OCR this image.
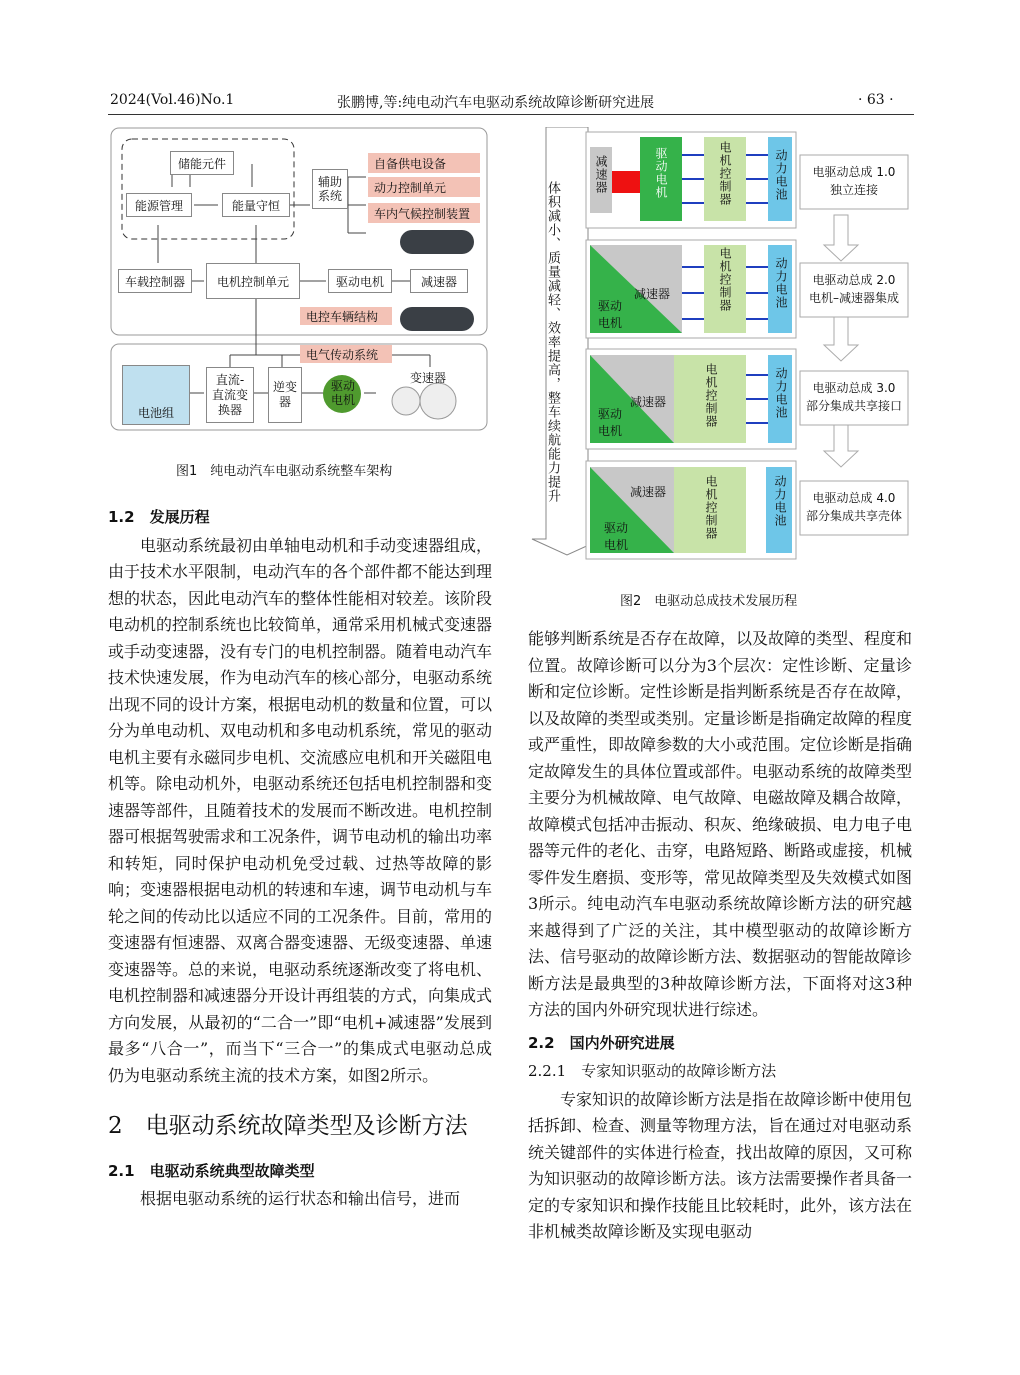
2024(Vol.46)No.1	张鹏博,等:纯电动汽车电驱动系统故障诊断研究进展	· 63 ·
储能元件
能源管理	能量守恒
辅助
系统
自备供电设备
动力控制单元
车内气候控制装置
车载控制器	电机控制单元	驱动电机	减速器
电控车辆结构
电气传动系统
电池组
直流-
直流变
换器
逆变
器
驱动
电机
变速器
图1　纯电动汽车电驱动系统整车架构	体积减小、质量减轻、效率提高，整车续航能力提升
减速器	驱动电机	电机控制器	动力电池
驱动
电机
减速器	电机控制器	动力电池
驱动
电机
减速器	电机控制器	动力电池
驱动
电机
减速器	电机控制器	动力电池
电驱动总成 1.0
独立连接
电驱动总成 2.0
电机–减速器集成
电驱动总成 3.0
部分集成共享接口
电驱动总成 4.0
部分集成共享壳体
图2　电驱动总成技术发展历程
1.2　发展历程

电驱动系统最初由单轴电动机和手动变速器组成，由于技术水平限制，电动汽车的各个部件都不能达到理想的状态，因此电动汽车的整体性能相对较差。该阶段电动机的控制系统也比较简单，通常采用机械式变速器或手动变速器，没有专门的电机控制器。随着电动汽车技术快速发展，作为电动汽车的核心部分，电驱动系统出现不同的设计方案，根据电动机的数量和位置，可以分为单电动机、双电动机和多电动机系统，常见的驱动电机主要有永磁同步电机、交流感应电机和开关磁阻电机等。除电动机外，电驱动系统还包括电机控制器和变速器等部件，且随着技术的发展而不断改进。电机控制器可根据驾驶需求和工况条件，调节电动机的输出功率和转矩，同时保护电动机免受过载、过热等故障的影响；变速器根据电动机的转速和车速，调节电动机与车轮之间的传动比以适应不同的工况条件。目前，常用的变速器有恒速器、双离合器变速器、无级变速器、单速变速器等。总的来说，电驱动系统逐渐改变了将电机、电机控制器和减速器分开设计再组装的方式，向集成式方向发展，从最初的“二合一”即“电机+减速器”发展到最多“八合一”，而当下“三合一”的集成式电驱动总成仍为电驱动系统主流的技术方案，如图2所示。

2　电驱动系统故障类型及诊断方法
2.1　电驱动系统典型故障类型

根据电驱动系统的运行状态和输出信号，进而

能够判断系统是否存在故障，以及故障的类型、程度和位置。故障诊断可以分为3个层次：定性诊断、定量诊断和定位诊断。定性诊断是指判断系统是否存在故障，以及故障的类型或类别。定量诊断是指确定故障的程度或严重性，即故障参数的大小或范围。定位诊断是指确定故障发生的具体位置或部件。电驱动系统的故障类型主要分为机械故障、电气故障、电磁故障及耦合故障，故障模式包括冲击振动、积灰、绝缘破损、电力电子电器等元件的老化、击穿，电路短路、断路或虚接，机械零件发生磨损、变形等，常见故障类型及失效模式如图3所示。纯电动汽车电驱动系统故障诊断方法的研究越来越得到了广泛的关注，其中模型驱动的故障诊断方法、信号驱动的故障诊断方法、数据驱动的智能故障诊断方法是最典型的3种故障诊断方法，下面将对这3种方法的国内外研究现状进行综述。

2.2　国内外研究进展
2.2.1　专家知识驱动的故障诊断方法

专家知识的故障诊断方法是指在故障诊断中使用包括拆卸、检查、测量等物理方法，旨在通过对电驱动系统关键部件的实体进行检查，找出故障的原因，又可称为知识驱动的故障诊断方法。该方法需要操作者具备一定的专家知识和操作技能且比较耗时，此外，该方法在非机械类故障诊断及实现电驱动
